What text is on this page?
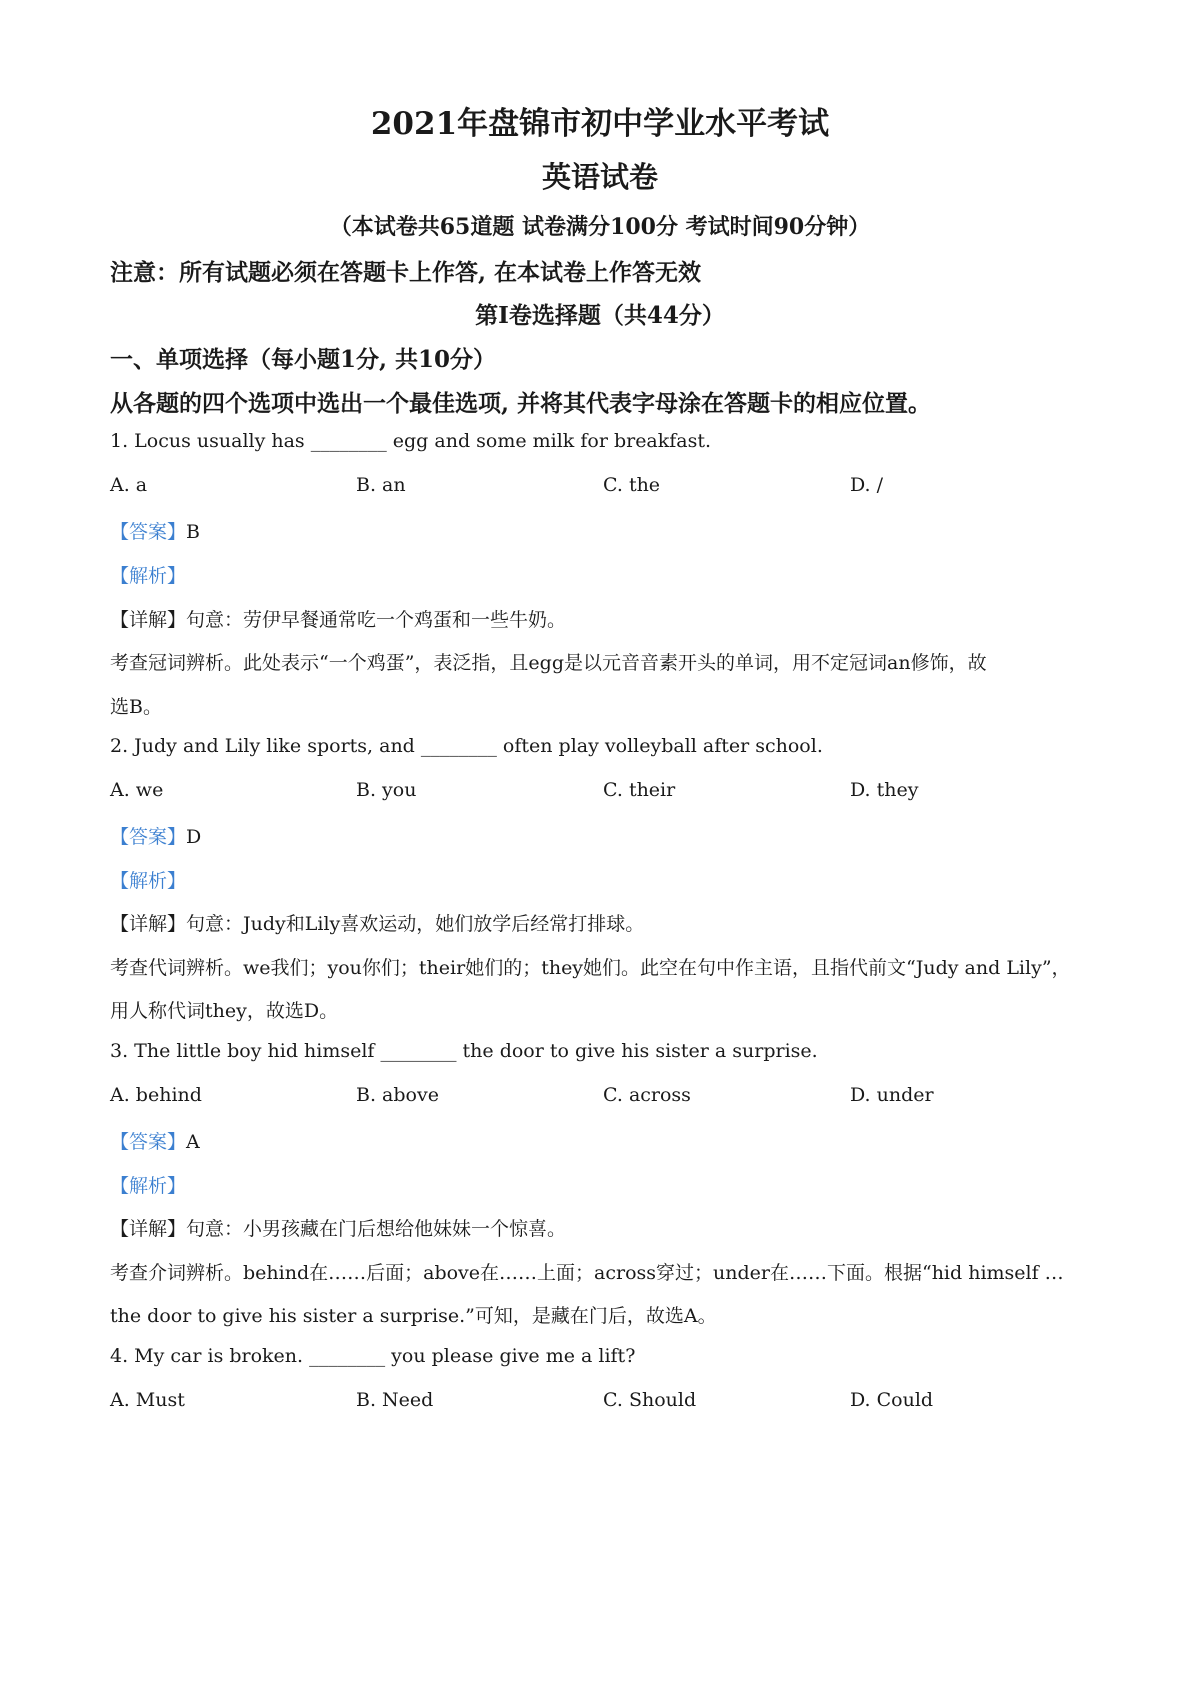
2021年盘锦市初中学业水平考试
英语试卷
（本试卷共65道题 试卷满分100分 考试时间90分钟）
注意：所有试题必须在答题卡上作答, 在本试卷上作答无效
第Ⅰ卷选择题（共44分）
一、单项选择（每小题1分, 共10分）
从各题的四个选项中选出一个最佳选项, 并将其代表字母涂在答题卡的相应位置。
1. Locus usually has ________ egg and some milk for breakfast.
A. a	B. an	C. the	D. /
【答案】B
【解析】
【详解】句意：劳伊早餐通常吃一个鸡蛋和一些牛奶。
考查冠词辨析。此处表示“一个鸡蛋”，表泛指，且egg是以元音音素开头的单词，用不定冠词an修饰，故
选B。
2. Judy and Lily like sports, and ________ often play volleyball after school.
A. we	B. you	C. their	D. they
【答案】D
【解析】
【详解】句意：Judy和Lily喜欢运动，她们放学后经常打排球。
考查代词辨析。we我们；you你们；their她们的；they她们。此空在句中作主语，且指代前文“Judy and Lily”，
用人称代词they，故选D。
3. The little boy hid himself ________ the door to give his sister a surprise.
A. behind	B. above	C. across	D. under
【答案】A
【解析】
【详解】句意：小男孩藏在门后想给他妹妹一个惊喜。
考查介词辨析。behind在……后面；above在……上面；across穿过；under在……下面。根据“hid himself …
the door to give his sister a surprise.”可知，是藏在门后，故选A。
4. My car is broken. ________ you please give me a lift?
A. Must	B. Need	C. Should	D. Could
